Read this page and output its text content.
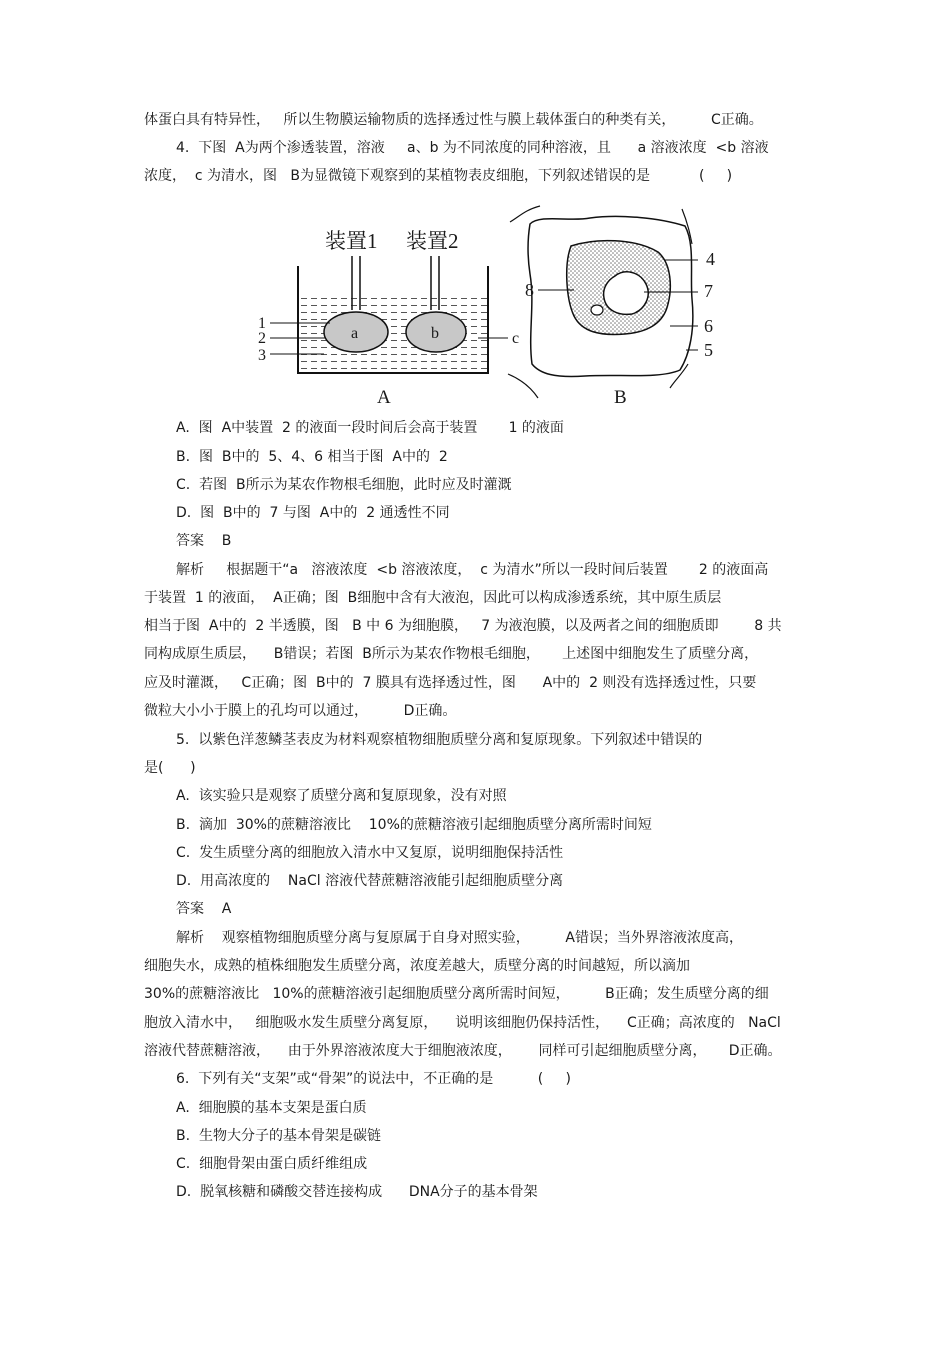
体蛋白具有特异性，   所以生物膜运输物质的选择透过性与膜上载体蛋白的种类有关，        C正确。
4.  下图  A为两个渗透装置，溶液     a、b 为不同浓度的同种溶液，且      a 溶液浓度  <b 溶液
浓度，  c 为清水，图   B为显微镜下观察到的某植物表皮细胞，下列叙述错误的是           (     )
A.  图  A中装置  2 的液面一段时间后会高于装置       1 的液面
B.  图  B中的  5、4、6 相当于图  A中的  2
C.  若图  B所示为某农作物根毛细胞，此时应及时灌溉
D.  图  B中的  7 与图  A中的  2 通透性不同
答案    B
解析     根据题干“a   溶液浓度  <b 溶液浓度，  c 为清水”所以一段时间后装置       2 的液面高
于装置  1 的液面，  A正确；图  B细胞中含有大液泡，因此可以构成渗透系统，其中原生质层
相当于图  A中的  2 半透膜，图   B 中 6 为细胞膜，   7 为液泡膜，以及两者之间的细胞质即        8 共
同构成原生质层，    B错误；若图  B所示为某农作物根毛细胞，     上述图中细胞发生了质壁分离，
应及时灌溉，   C正确；图  B中的  7 膜具有选择透过性，图      A中的  2 则没有选择透过性，只要
微粒大小小于膜上的孔均可以通过，        D正确。
5.  以紫色洋葱鳞茎表皮为材料观察植物细胞质壁分离和复原现象。下列叙述中错误的
是(      )
A.  该实验只是观察了质壁分离和复原现象，没有对照
B.  滴加  30%的蔗糖溶液比    10%的蔗糖溶液引起细胞质壁分离所需时间短
C.  发生质壁分离的细胞放入清水中又复原，说明细胞保持活性
D.  用高浓度的    NaCl 溶液代替蔗糖溶液能引起细胞质壁分离
答案    A
解析    观察植物细胞质壁分离与复原属于自身对照实验，        A错误；当外界溶液浓度高，
细胞失水，成熟的植株细胞发生质壁分离，浓度差越大，质壁分离的时间越短，所以滴加
30%的蔗糖溶液比   10%的蔗糖溶液引起细胞质壁分离所需时间短，        B正确；发生质壁分离的细
胞放入清水中，   细胞吸水发生质壁分离复原，    说明该细胞仍保持活性，    C正确；高浓度的   NaCl
溶液代替蔗糖溶液，    由于外界溶液浓度大于细胞液浓度，      同样可引起细胞质壁分离，     D正确。
6.  下列有关“支架”或“骨架”的说法中，不正确的是          (     )
A.  细胞膜的基本支架是蛋白质
B.  生物大分子的基本骨架是碳链
C.  细胞骨架由蛋白质纤维组成
D.  脱氧核糖和磷酸交替连接构成      DNA分子的基本骨架
装置1 装置2
a	b	c
1
2
3
A
4
7
6
5
8
B
